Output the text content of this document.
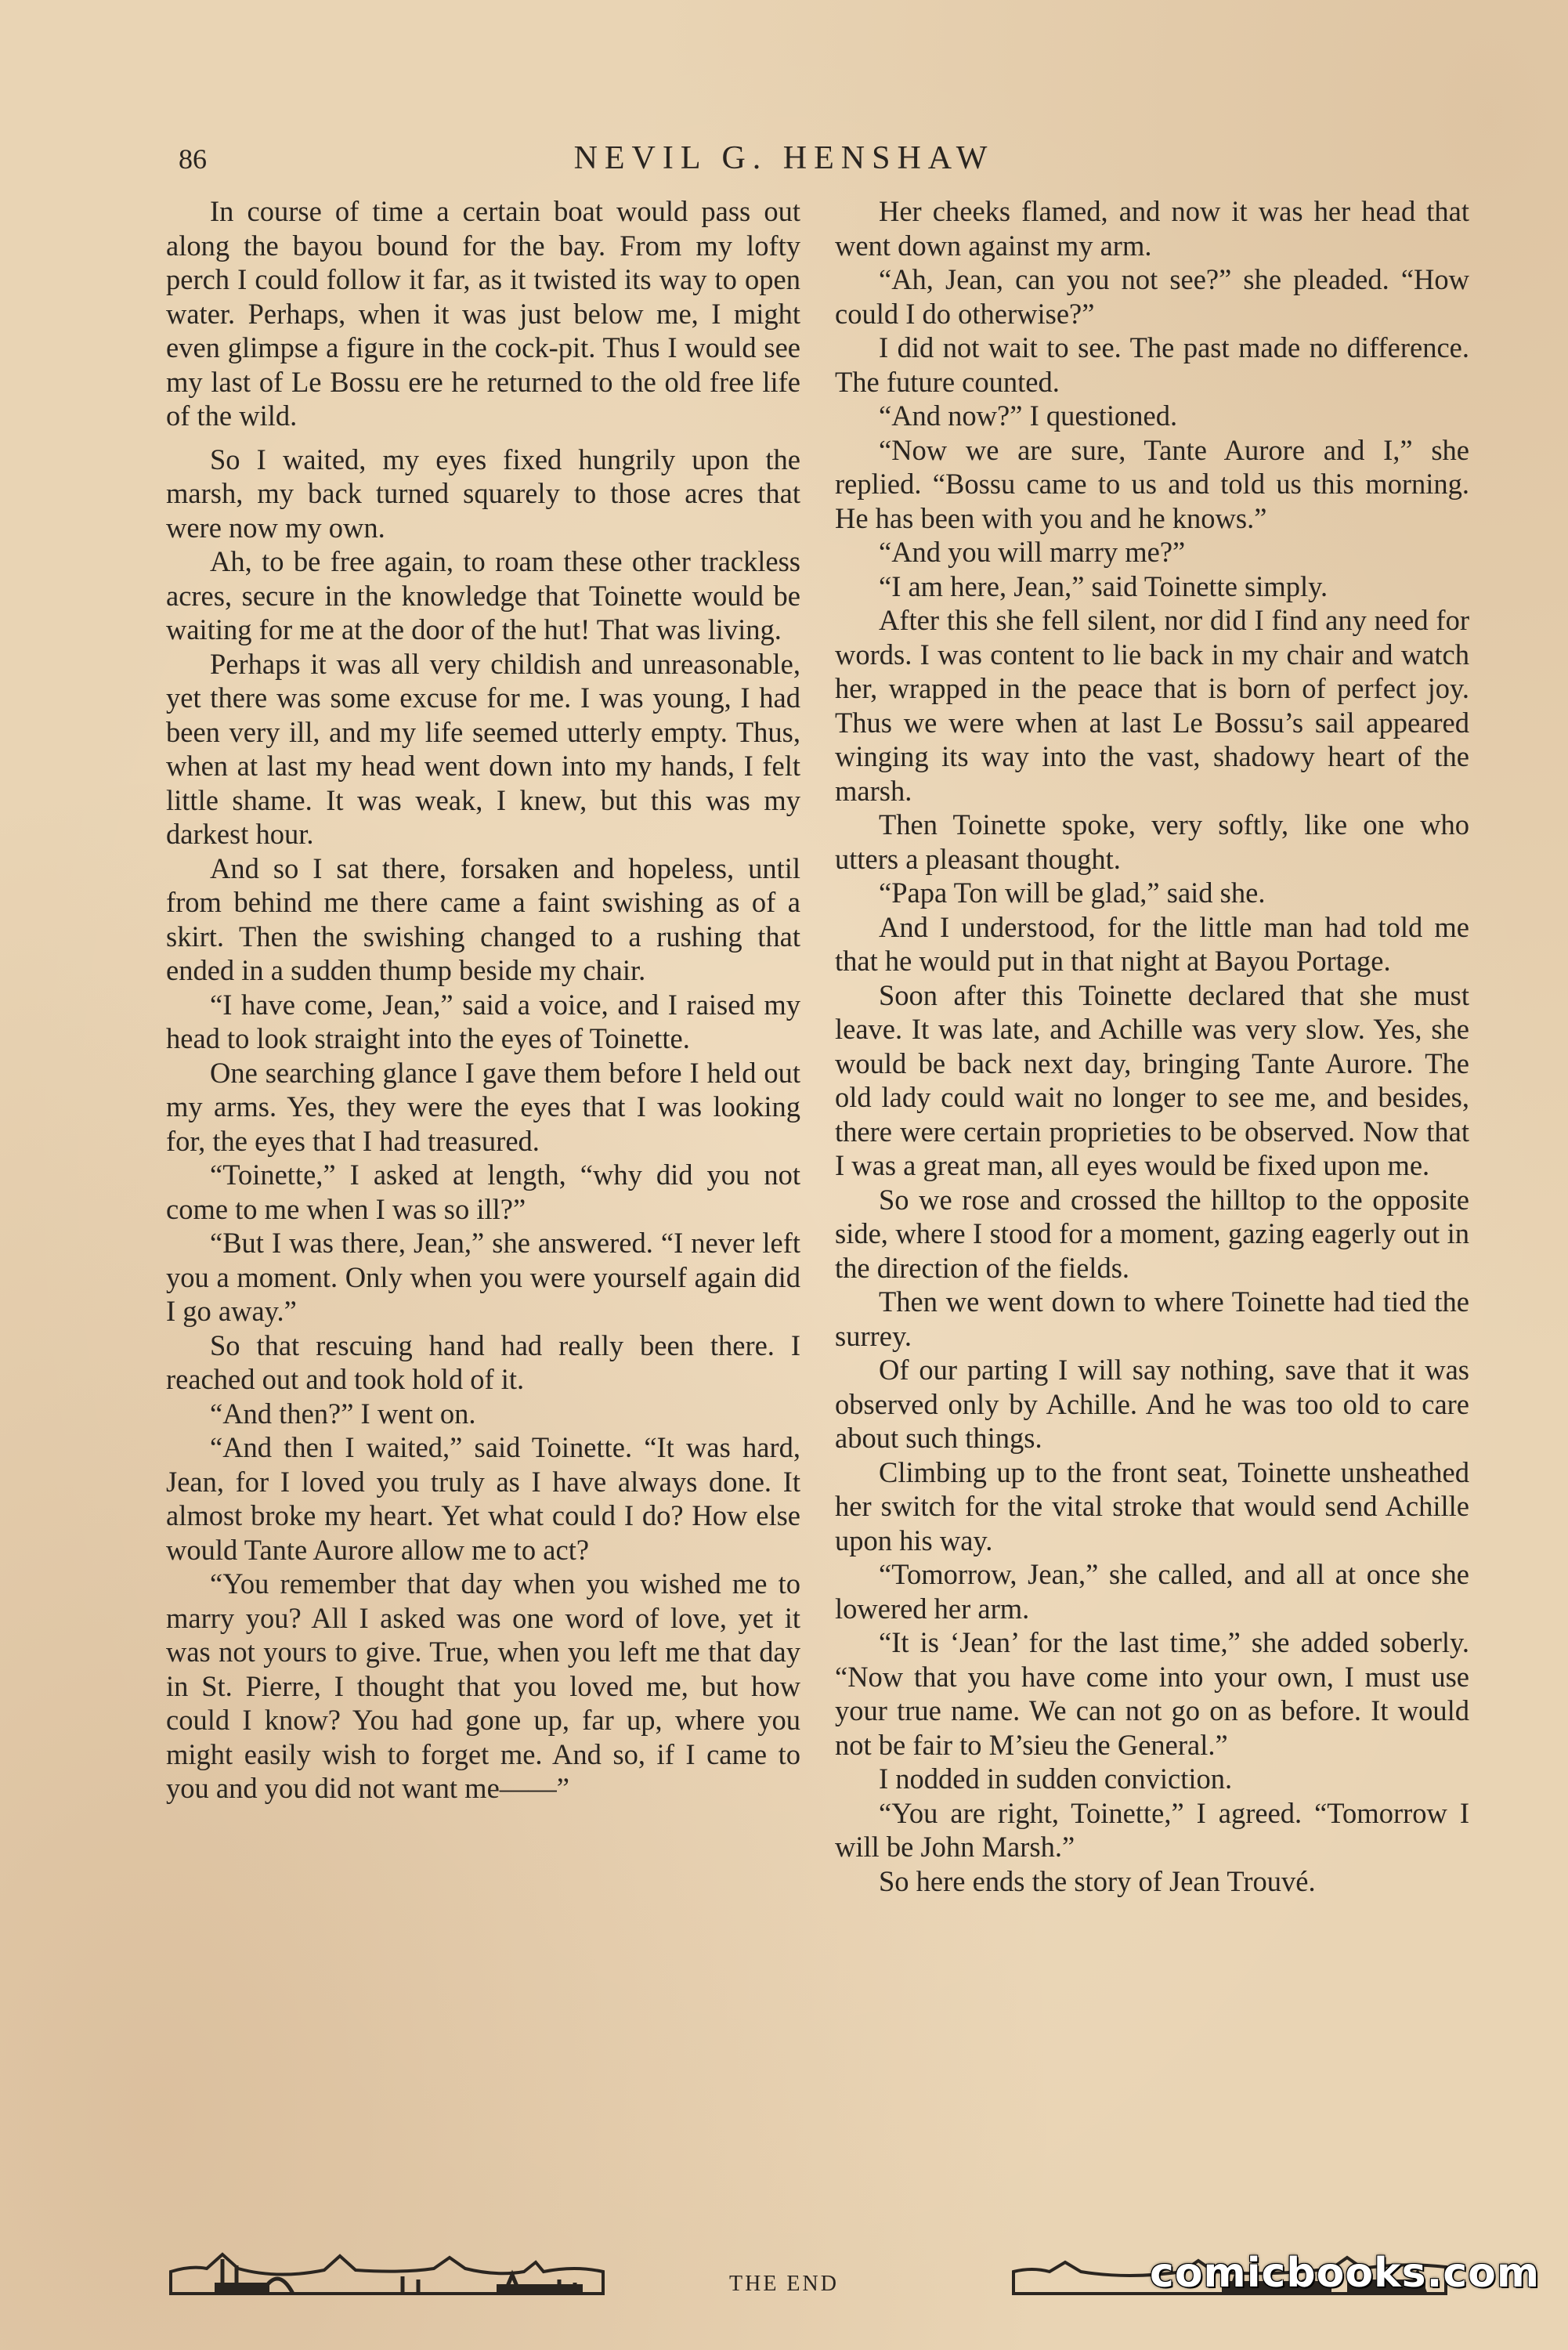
86	NEVIL G. HENSHAW

In course of time a certain boat would pass out along the bayou bound for the bay. From my lofty perch I could follow it far, as it twisted its way to open water. Perhaps, when it was just below me, I might even glimpse a figure in the cock-pit. Thus I would see my last of Le Bossu ere he returned to the old free life of the wild.

So I waited, my eyes fixed hungrily upon the marsh, my back turned squarely to those acres that were now my own.

Ah, to be free again, to roam these other trackless acres, secure in the knowledge that Toinette would be waiting for me at the door of the hut! That was living.

Perhaps it was all very childish and unreasonable, yet there was some excuse for me. I was young, I had been very ill, and my life seemed utterly empty. Thus, when at last my head went down into my hands, I felt little shame. It was weak, I knew, but this was my darkest hour.

And so I sat there, forsaken and hopeless, until from behind me there came a faint swishing as of a skirt. Then the swishing changed to a rushing that ended in a sudden thump beside my chair.

“I have come, Jean,” said a voice, and I raised my head to look straight into the eyes of Toinette.

One searching glance I gave them before I held out my arms. Yes, they were the eyes that I was looking for, the eyes that I had treasured.

“Toinette,” I asked at length, “why did you not come to me when I was so ill?”

“But I was there, Jean,” she answered. “I never left you a moment. Only when you were yourself again did I go away.”

So that rescuing hand had really been there. I reached out and took hold of it.

“And then?” I went on.

“And then I waited,” said Toinette. “It was hard, Jean, for I loved you truly as I have always done. It almost broke my heart. Yet what could I do? How else would Tante Aurore allow me to act?

“You remember that day when you wished me to marry you? All I asked was one word of love, yet it was not yours to give. True, when you left me that day in St. Pierre, I thought that you loved me, but how could I know? You had gone up, far up, where you might easily wish to forget me. And so, if I came to you and you did not want me——”

Her cheeks flamed, and now it was her head that went down against my arm.

“Ah, Jean, can you not see?” she pleaded. “How could I do otherwise?”

I did not wait to see. The past made no difference. The future counted.

“And now?” I questioned.

“Now we are sure, Tante Aurore and I,” she replied. “Bossu came to us and told us this morning. He has been with you and he knows.”

“And you will marry me?”

“I am here, Jean,” said Toinette simply.

After this she fell silent, nor did I find any need for words. I was content to lie back in my chair and watch her, wrapped in the peace that is born of perfect joy. Thus we were when at last Le Bossu’s sail appeared winging its way into the vast, shadowy heart of the marsh.

Then Toinette spoke, very softly, like one who utters a pleasant thought.

“Papa Ton will be glad,” said she.

And I understood, for the little man had told me that he would put in that night at Bayou Portage.

Soon after this Toinette declared that she must leave. It was late, and Achille was very slow. Yes, she would be back next day, bringing Tante Aurore. The old lady could wait no longer to see me, and besides, there were certain proprieties to be observed. Now that I was a great man, all eyes would be fixed upon me.

So we rose and crossed the hilltop to the opposite side, where I stood for a moment, gazing eagerly out in the direction of the fields.

Then we went down to where Toinette had tied the surrey.

Of our parting I will say nothing, save that it was observed only by Achille. And he was too old to care about such things.

Climbing up to the front seat, Toinette unsheathed her switch for the vital stroke that would send Achille upon his way.

“Tomorrow, Jean,” she called, and all at once she lowered her arm.

“It is ‘Jean’ for the last time,” she added soberly. “Now that you have come into your own, I must use your true name. We can not go on as before. It would not be fair to M’sieu the General.”

I nodded in sudden conviction.

“You are right, Toinette,” I agreed. “Tomorrow I will be John Marsh.”

So here ends the story of Jean Trouvé.

THE END	comicbooks.com
